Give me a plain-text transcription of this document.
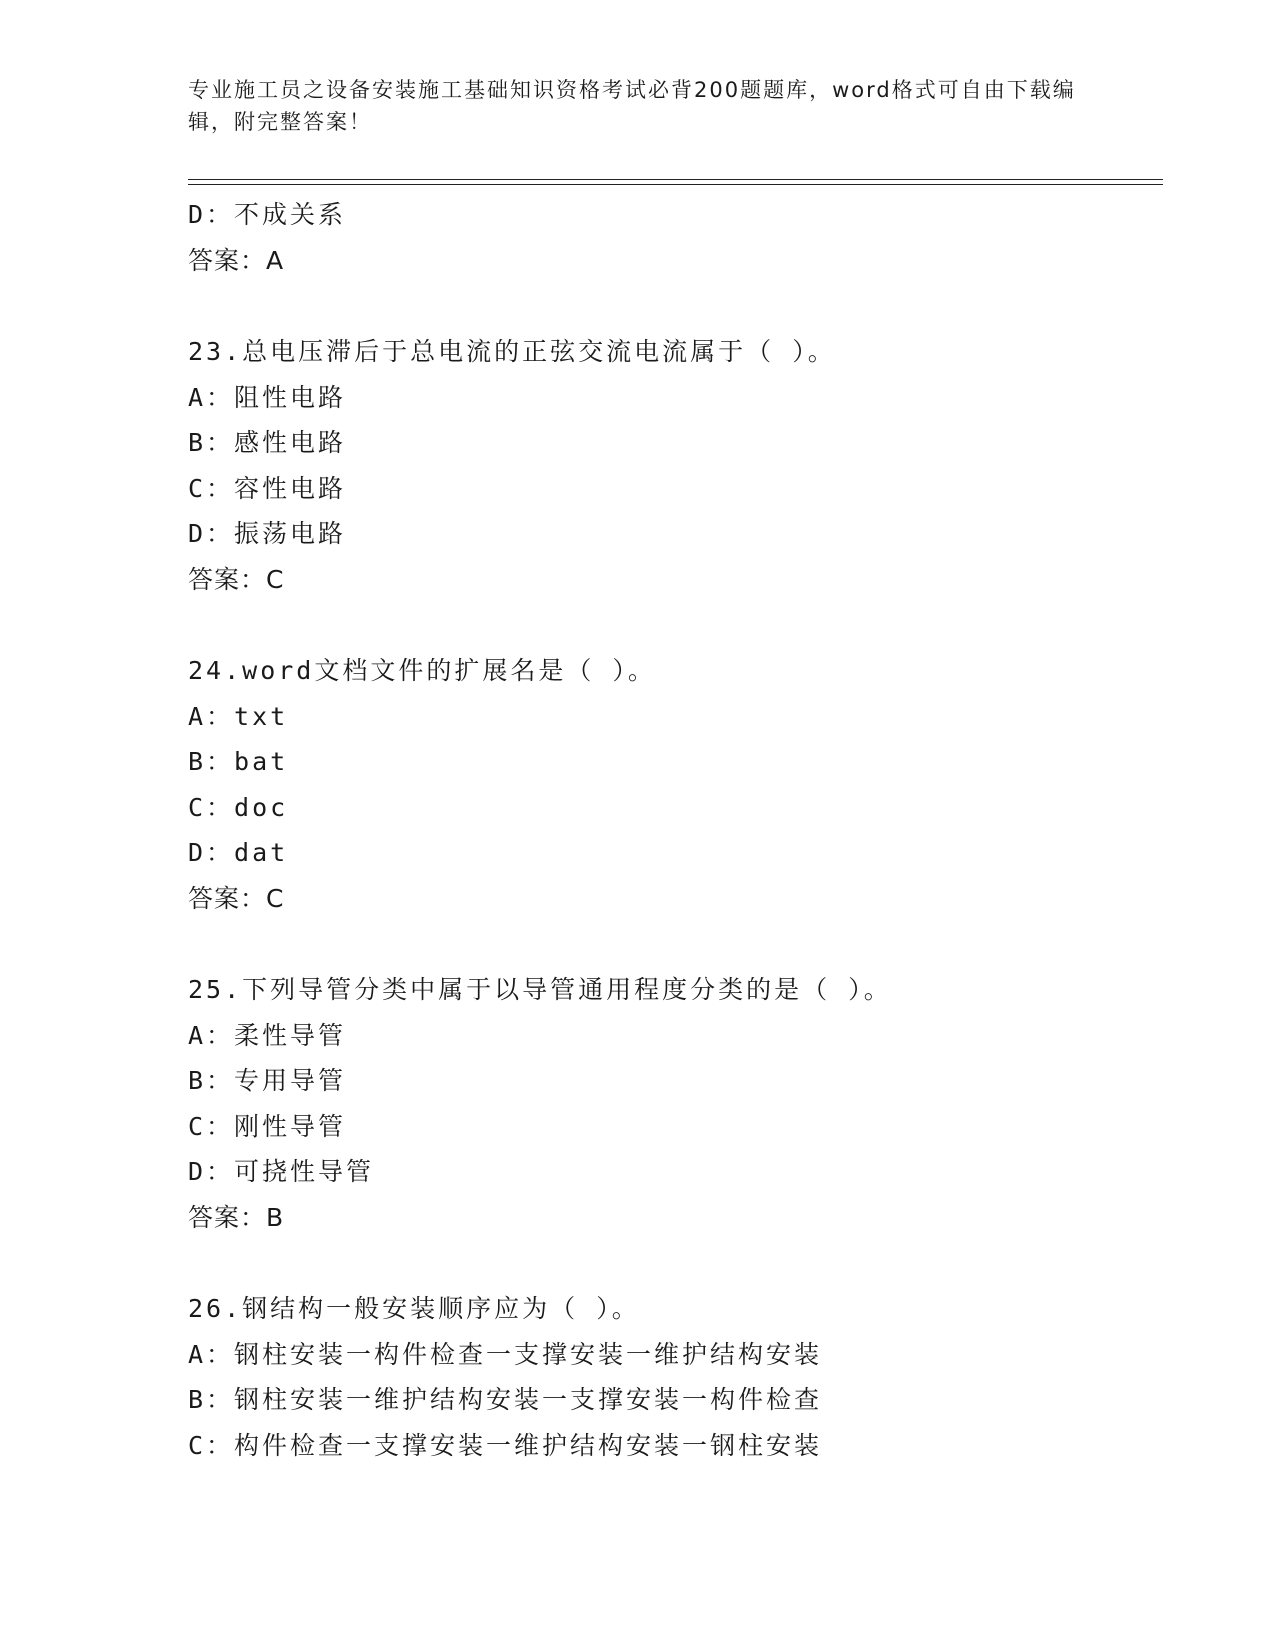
专业施工员之设备安装施工基础知识资格考试必背200题题库，word格式可自由下载编辑，附完整答案！
D：不成关系
答案：A
23.总电压滞后于总电流的正弦交流电流属于（ ）。
A：阻性电路
B：感性电路
C：容性电路
D：振荡电路
答案：C
24.word文档文件的扩展名是（ ）。
A：txt
B：bat
C：doc
D：dat
答案：C
25.下列导管分类中属于以导管通用程度分类的是（ ）。
A：柔性导管
B：专用导管
C：刚性导管
D：可挠性导管
答案：B
26.钢结构一般安装顺序应为（ ）。
A：钢柱安装一构件检查一支撑安装一维护结构安装
B：钢柱安装一维护结构安装一支撑安装一构件检查
C：构件检查一支撑安装一维护结构安装一钢柱安装
